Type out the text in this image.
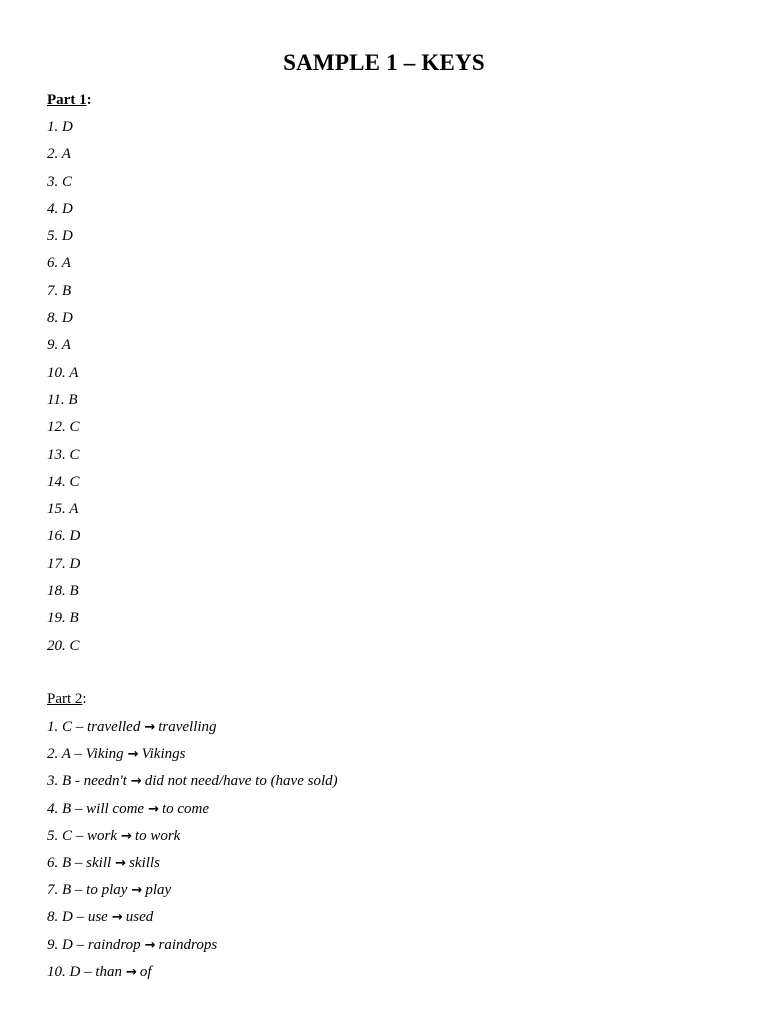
SAMPLE 1 – KEYS
Part 1:
1. D
2. A
3. C
4. D
5. D
6. A
7. B
8. D
9. A
10. A
11. B
12. C
13. C
14. C
15. A
16. D
17. D
18. B
19. B
20. C
Part 2:
1. C – travelled → travelling
2. A – Viking → Vikings
3. B - needn't → did not need/have to (have sold)
4. B – will come → to come
5. C – work → to work
6. B – skill → skills
7. B – to play → play
8. D – use → used
9. D – raindrop → raindrops
10. D – than → of
